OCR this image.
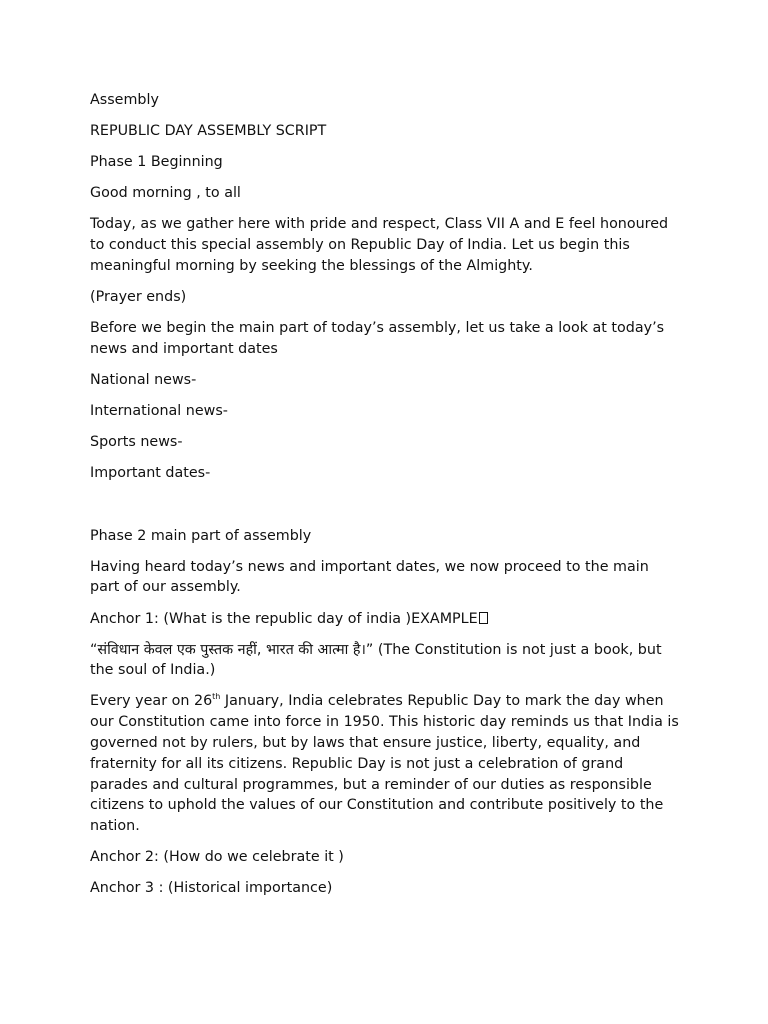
Assembly

REPUBLIC DAY ASSEMBLY SCRIPT

Phase 1 Beginning

Good morning , to all

Today, as we gather here with pride and respect, Class VII A and E feel honoured to conduct this special assembly on Republic Day of India. Let us begin this meaningful morning by seeking the blessings of the Almighty.

(Prayer ends)

Before we begin the main part of today’s assembly, let us take a look at today’s news and important dates

National news-

International news-

Sports news-

Important dates-

Phase 2 main part of assembly

Having heard today’s news and important dates, we now proceed to the main part of our assembly.

Anchor 1: (What is the republic day of india )EXAMPLE

“संविधान केवल एक पुस्तक नहीं, भारत की आत्मा है।” (The Constitution is not just a book, but the soul of India.)

Every year on 26th January, India celebrates Republic Day to mark the day when our Constitution came into force in 1950. This historic day reminds us that India is governed not by rulers, but by laws that ensure justice, liberty, equality, and fraternity for all its citizens. Republic Day is not just a celebration of grand parades and cultural programmes, but a reminder of our duties as responsible citizens to uphold the values of our Constitution and contribute positively to the nation.

Anchor 2: (How do we celebrate it )

Anchor 3 : (Historical importance)
